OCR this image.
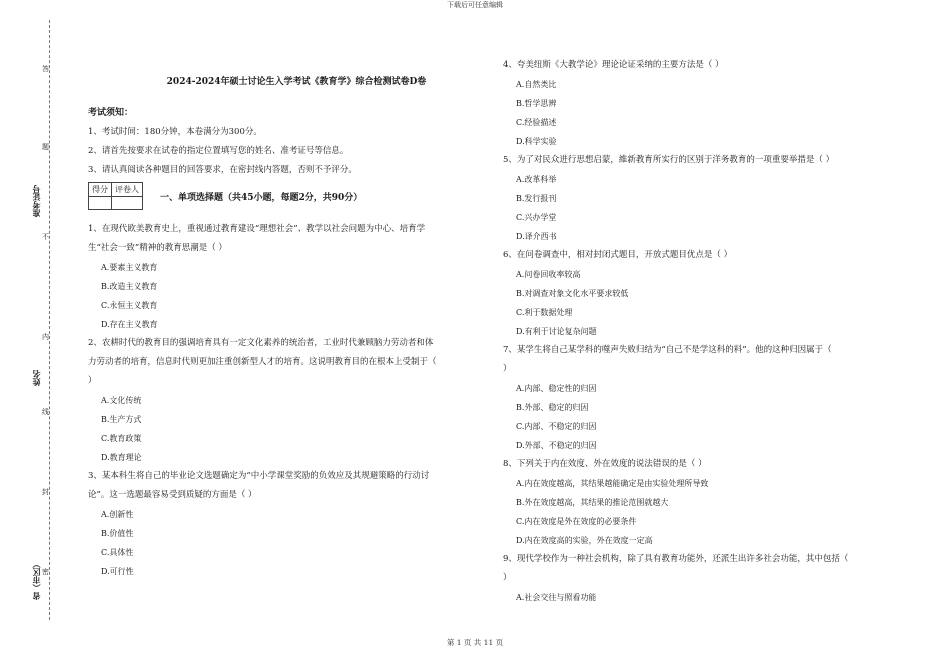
下载后可任意编辑
答
题
不
内
线
封
密
准考证号
姓名
省（市区）

2024-2024年硕士讨论生入学考试《教育学》综合检测试卷D卷

考试须知：

1、考试时间：180分钟，本卷满分为300分。

2、请首先按要求在试卷的指定位置填写您的姓名、准考证号等信息。

3、请认真阅读各种题目的回答要求，在密封线内答题，否则不予评分。

得分	评卷人

一、单项选择题（共45小题，每题2分，共90分）

1、在现代欧美教育史上，重视通过教育建设“理想社会”、教学以社会问题为中心、培育学

生“社会一致”精神的教育思潮是（ ）

A.要素主义教育

B.改造主义教育

C.永恒主义教育

D.存在主义教育

2、农耕时代的教育目的强调培育具有一定文化素养的统治者，工业时代兼顾脑力劳动者和体

力劳动者的培育，信息时代则更加注重创新型人才的培育。这说明教育目的在根本上受制于（

）

A.文化传统

B.生产方式

C.教育政策

D.教育理论

3、某本科生将自己的毕业论文选题确定为“中小学课堂奖励的负效应及其规避策略的行动讨

论”。这一选题最容易受到质疑的方面是（ ）

A.创新性

B.价值性

C.具体性

D.可行性

4、夸美纽斯《大教学论》理论论证采纳的主要方法是（ ）

A.自然类比

B.哲学思辨

C.经验描述

D.科学实验

5、为了对民众进行思想启蒙，維新教育所实行的区别于洋务教育的一项重要举措是（ ）

A.改革科举

B.发行报刊

C.兴办学堂

D.译介西书

6、在问卷调查中，相对封闭式题目，开放式题目优点是（ ）

A.问卷回收率较高

B.对调查对象文化水平要求较低

C.利于数据处理

D.有利于讨论复杂问题

7、某学生将自己某学科的噬声失败归结为“自己不是学这科的料”。他的这种归因属于（

）

A.内部、稳定性的归因

B.外部、稳定的归因

C.内部、不稳定的归因

D.外部、不稳定的归因

8、下列关于内在效度、外在效度的说法错误的是（ ）

A.内在效度越高，其结果越能确定是由实验处理所导致

B.外在效度越高，其结果的推论范围就越大

C.内在效度是外在效度的必要条件

D.内在效度高的实验，外在效度一定高

9、现代学校作为一种社会机构，除了具有教育功能外，还派生出许多社会功能，其中包括（

）

A.社会交往与照看功能

第 1 页 共 11 页
